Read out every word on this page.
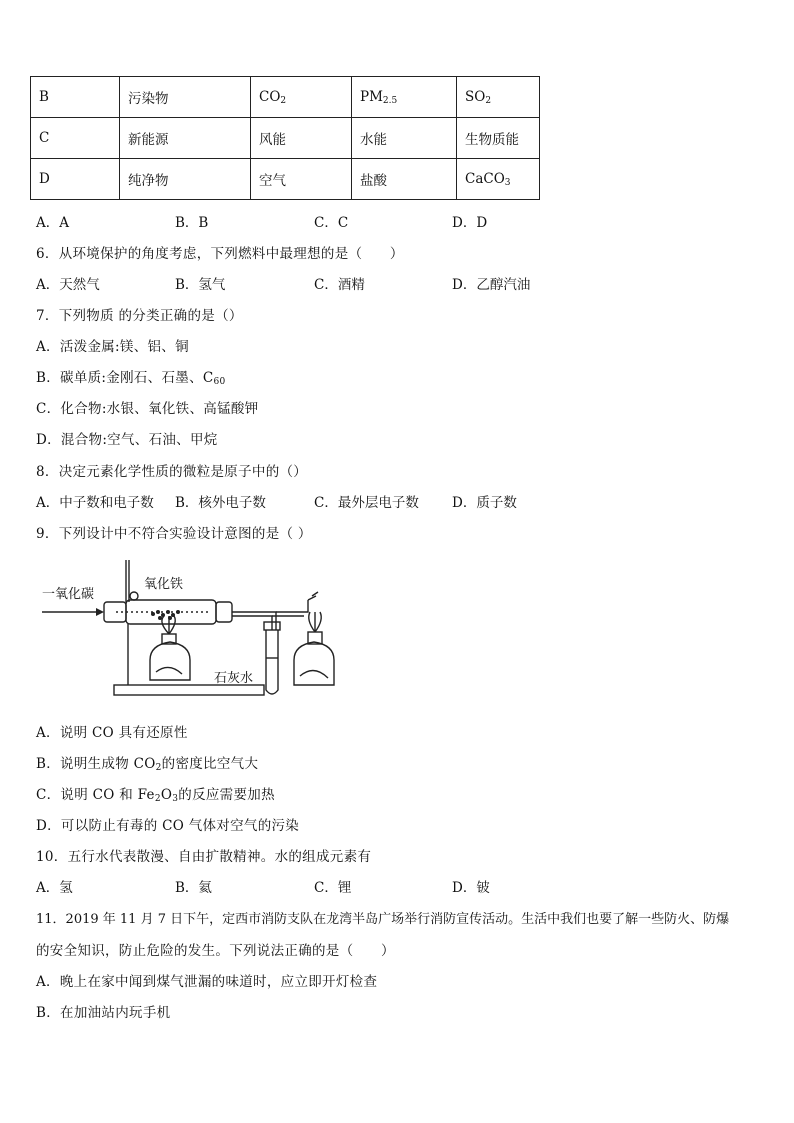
B	污染物	$CO_2$	$PM_{2.5}$	$SO_2$
C	新能源	风能	水能	生物质能
D	纯净物	空气	盐酸	CaCO$_3$
A．A	B．B	C．C	D．D
6．从环境保护的角度考虑，下列燃料中最理想的是（　　）
A．天然气	B．氢气	C．酒精	D．乙醇汽油
7．下列物质 的分类正确的是（）
A．活泼金属:镁、铝、铜
B．碳单质:金刚石、石墨、$C_{60}$
C．化合物:水银、氧化铁、高锰酸钾
D．混合物:空气、石油、甲烷
8．决定元素化学性质的微粒是原子中的（）
A．中子数和电子数 B．核外电子数	C．最外层电子数 D．质子数
9．下列设计中不符合实验设计意图的是（ ）
一氧化碳
氧化铁
石灰水
A．说明 CO 具有还原性
B．说明生成物 $CO_2$的密度比空气大
C．说明 CO 和 $Fe_2O_3$的反应需要加热
D．可以防止有毒的 CO 气体对空气的污染
10．五行水代表散漫、自由扩散精神。水的组成元素有
A．氢	B．氦	C．锂	D．铍
11．2019 年 11 月 7 日下午，定西市消防支队在龙湾半岛广场举行消防宣传活动。生活中我们也要了解一些防火、防爆
的安全知识，防止危险的发生。下列说法正确的是（　　）
A．晚上在家中闻到煤气泄漏的味道时，应立即开灯检查
B．在加油站内玩手机
